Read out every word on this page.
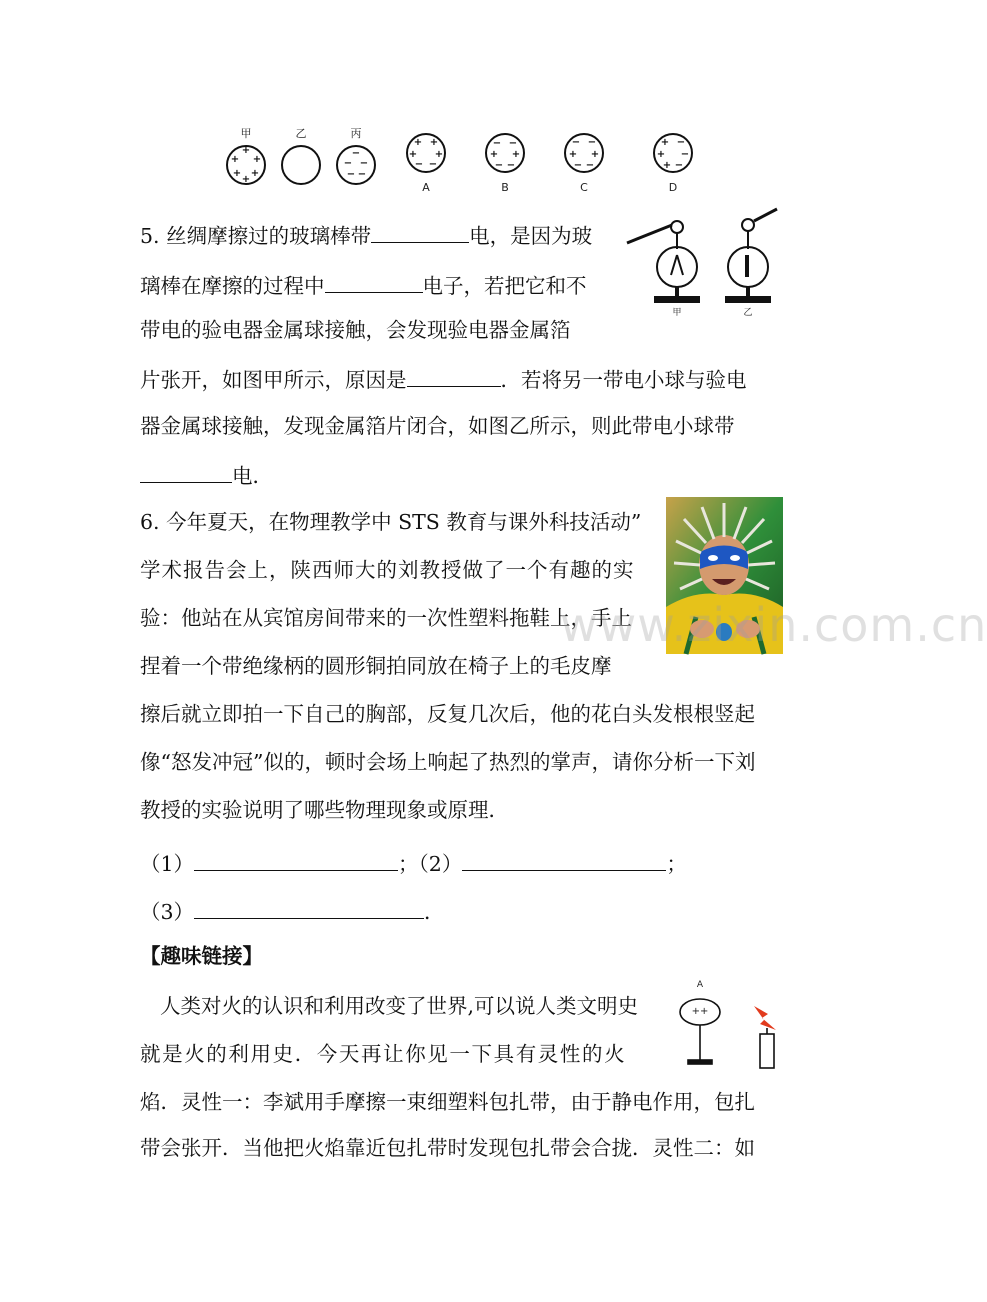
+
+ +
+ +
+
−
− −
− −
+ +
+ +
− −
− −
+ +
− −
− −
+ +
− −
+ −
+ −
+ −
甲	乙	丙
A	B	C	D
5. 丝绸摩擦过的玻璃棒带	电，是因为玻
璃棒在摩擦的过程中	电子，若把它和不
带电的验电器金属球接触，会发现验电器金属箔
片张开，如图甲所示，原因是	．若将另一带电小球与验电
器金属球接触，发现金属箔片闭合，如图乙所示，则此带电小球带
电．
甲	乙
6. 今年夏天，在物理教学中 STS 教育与课外科技活动”
学术报告会上，陕西师大的刘教授做了一个有趣的实
验：他站在从宾馆房间带来的一次性塑料拖鞋上，手上
捏着一个带绝缘柄的圆形铜拍同放在椅子上的毛皮摩
擦后就立即拍一下自己的胸部，反复几次后，他的花白头发根根竖起
像“怒发冲冠”似的，顿时会场上响起了热烈的掌声，请你分析一下刘
教授的实验说明了哪些物理现象或原理．
www.zixin.com.cn
（1）	；（2）	；
（3）	．
【趣味链接】
人类对火的认识和利用改变了世界,可以说人类文明史
就是火的利用史．今天再让你见一下具有灵性的火
焰．灵性一：李斌用手摩擦一束细塑料包扎带，由于静电作用，包扎
带会张开．当他把火焰靠近包扎带时发现包扎带会合拢．灵性二：如
A
++
